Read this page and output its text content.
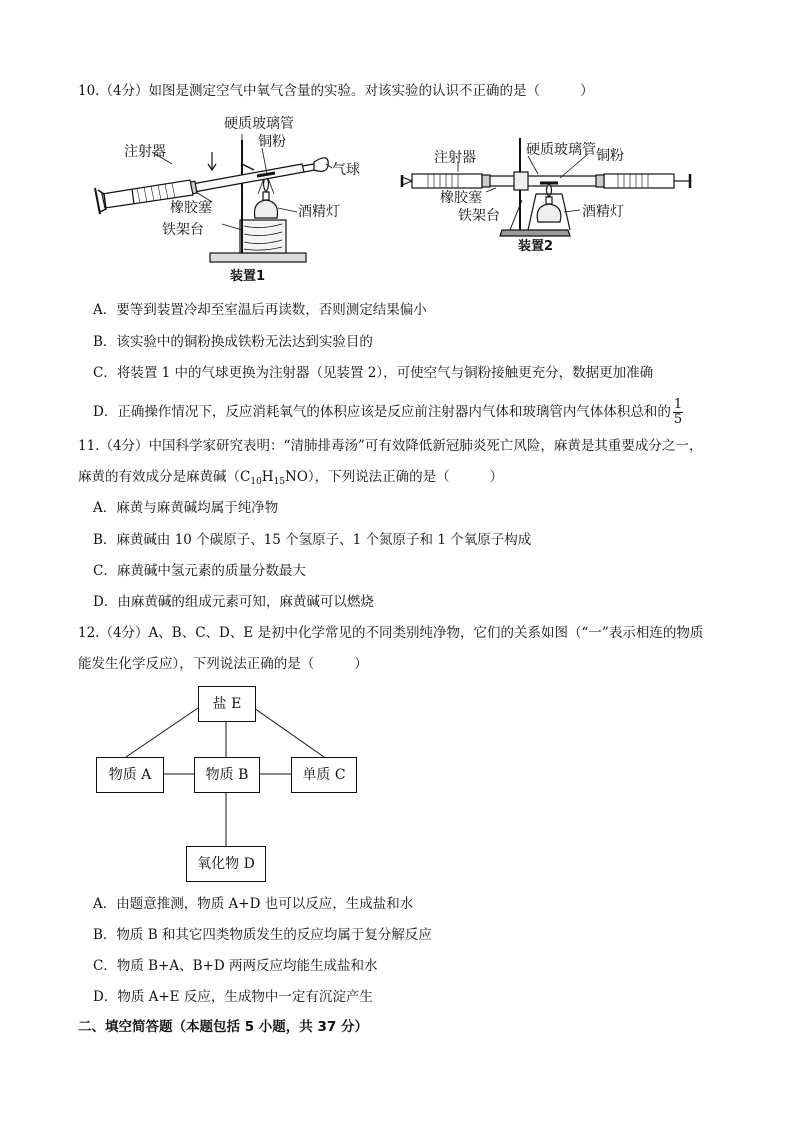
10.（4分）如图是测定空气中氧气含量的实验。对该实验的认识不正确的是（	）
注射器
硬质玻璃管
铜粉
气球
橡胶塞	酒精灯
铁架台
装置1
注射器	硬质玻璃管 铜粉
橡胶塞
铁架台	酒精灯
装置2
A．要等到装置冷却至室温后再读数，否则测定结果偏小
B．该实验中的铜粉换成铁粉无法达到实验目的
C．将装置 1 中的气球更换为注射器（见装置 2），可使空气与铜粉接触更充分，数据更加准确
D．正确操作情况下，反应消耗氧气的体积应该是反应前注射器内气体和玻璃管内气体体积总和的 $\frac{1}{5}$
11.（4分）中国科学家研究表明：“清肺排毒汤”可有效降低新冠肺炎死亡风险，麻黄是其重要成分之一，
麻黄的有效成分是麻黄碱$(C_{10}H_{15}NO)$，下列说法正确的是（	）
A．麻黄与麻黄碱均属于纯净物
B．麻黄碱由 10 个碳原子、15 个氢原子、1 个氮原子和 1 个氧原子构成
C．麻黄碱中氢元素的质量分数最大
D．由麻黄碱的组成元素可知，麻黄碱可以燃烧
12.（4分）A、B、C、D、E 是初中化学常见的不同类别纯净物，它们的关系如图（“一”表示相连的物质
能发生化学反应），下列说法正确的是（	）
盐 E
物质 A	物质 B	单质 C
氧化物 D
A．由题意推测，物质 A+D 也可以反应，生成盐和水
B．物质 B 和其它四类物质发生的反应均属于复分解反应
C．物质 B+A、B+D 两两反应均能生成盐和水
D．物质 A+E 反应，生成物中一定有沉淀产生
二、填空简答题（本题包括 5 小题，共 37 分）
